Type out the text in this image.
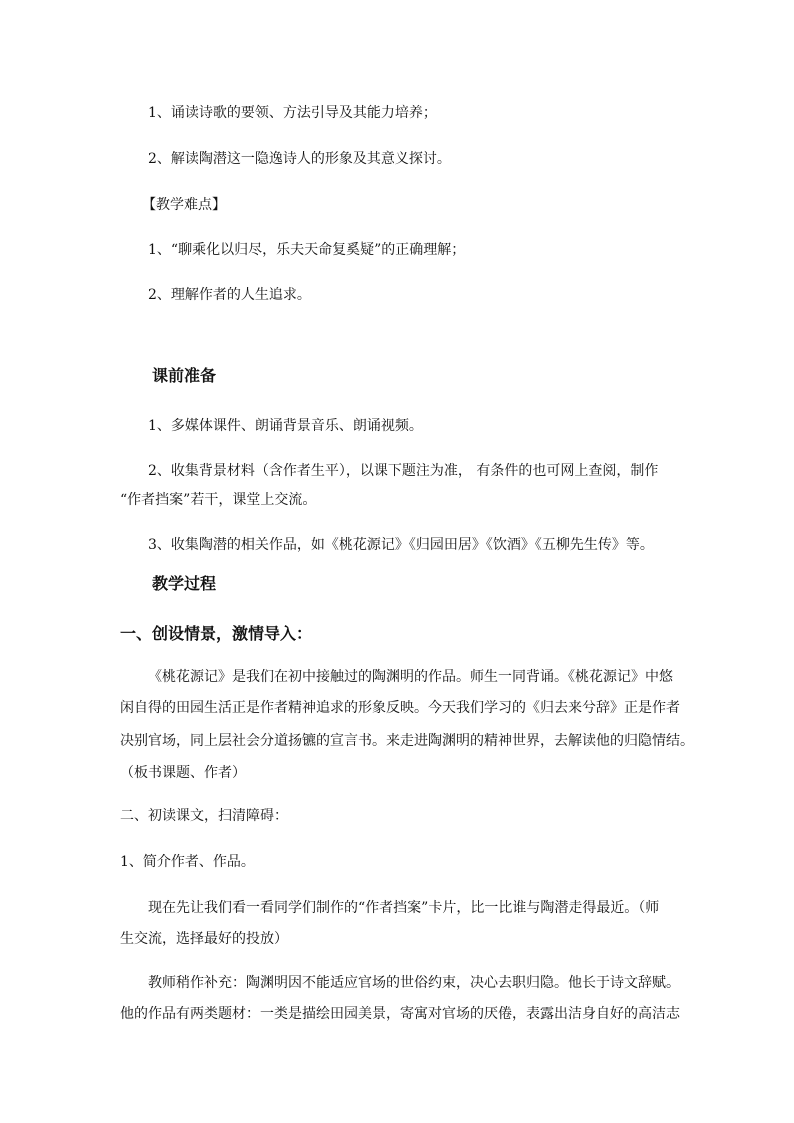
1、诵读诗歌的要领、方法引导及其能力培养；
2、解读陶潜这一隐逸诗人的形象及其意义探讨。
【教学难点】
1、“聊乘化以归尽，乐夫天命复奚疑”的正确理解；
2、理解作者的人生追求。
课前准备
1、多媒体课件、朗诵背景音乐、朗诵视频。
2、收集背景材料（含作者生平），以课下题注为准， 有条件的也可网上查阅，制作
“作者挡案”若干，课堂上交流。
3、收集陶潜的相关作品，如《桃花源记》《归园田居》《饮酒》《五柳先生传》等。
教学过程
一、创设情景，激情导入：
《桃花源记》是我们在初中接触过的陶渊明的作品。师生一同背诵。《桃花源记》中悠
闲自得的田园生活正是作者精神追求的形象反映。今天我们学习的《归去来兮辞》正是作者
决别官场，同上层社会分道扬镳的宣言书。来走进陶渊明的精神世界，去解读他的归隐情结。
（板书课题、作者）
二、初读课文，扫清障碍：
1、简介作者、作品。
现在先让我们看一看同学们制作的“作者挡案”卡片，比一比谁与陶潜走得最近。（师
生交流，选择最好的投放）
教师稍作补充：陶渊明因不能适应官场的世俗约束，决心去职归隐。他长于诗文辞赋。
他的作品有两类题材：一类是描绘田园美景，寄寓对官场的厌倦，表露出洁身自好的高洁志
